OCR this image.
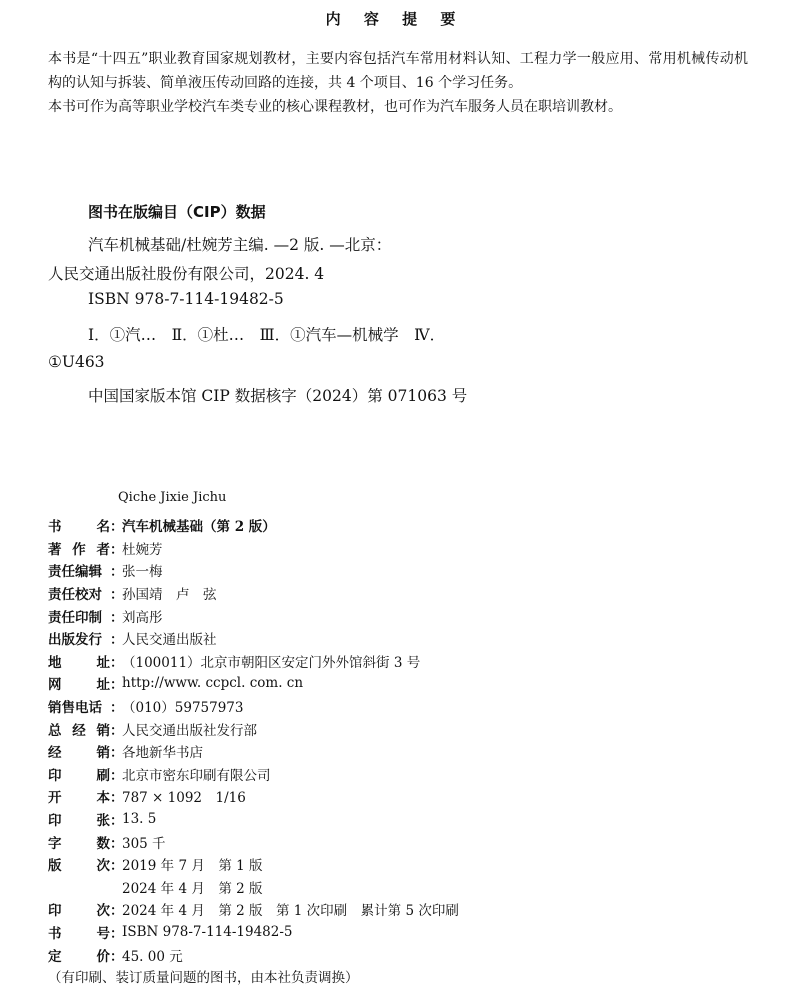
内 容 提 要
本书是“十四五”职业教育国家规划教材，主要内容包括汽车常用材料认知、工程力学一般应用、常用机械传动机构的认知与拆装、简单液压传动回路的连接，共 4 个项目、16 个学习任务。
本书可作为高等职业学校汽车类专业的核心课程教材，也可作为汽车服务人员在职培训教材。
图书在版编目（CIP）数据
汽车机械基础/杜婉芳主编. —2 版. —北京：
人民交通出版社股份有限公司，2024. 4
ISBN 978-7-114-19482-5
Ⅰ．①汽…　Ⅱ．①杜…　Ⅲ．①汽车—机械学　Ⅳ．
①U463
中国国家版本馆 CIP 数据核字（2024）第 071063 号
Qiche Jixie Jichu
书	名 ：
汽车机械基础（第 2 版）
著 作 者 ：
杜婉芳
责任编辑 ：
张一梅
责任校对 ：
孙国靖　卢　弦
责任印制 ：
刘高彤
出版发行 ：
人民交通出版社
地	址 ：
（100011）北京市朝阳区安定门外外馆斜街 3 号
网	址 ：
http://www. ccpcl. com. cn
销售电话 ：
（010）59757973
总 经 销 ：
人民交通出版社发行部
经	销 ：
各地新华书店
印	刷 ：
北京市密东印刷有限公司
开	本 ：
787 × 1092　1/16
印	张 ：
13. 5
字	数 ：
305 千
版	次 ：
2019 年 7 月　第 1 版
2024 年 4 月　第 2 版
印	次 ：
2024 年 4 月　第 2 版　第 1 次印刷　累计第 5 次印刷
书	号 ：
ISBN 978-7-114-19482-5
定	价 ：
45. 00 元
（有印刷、装订质量问题的图书，由本社负责调换）
